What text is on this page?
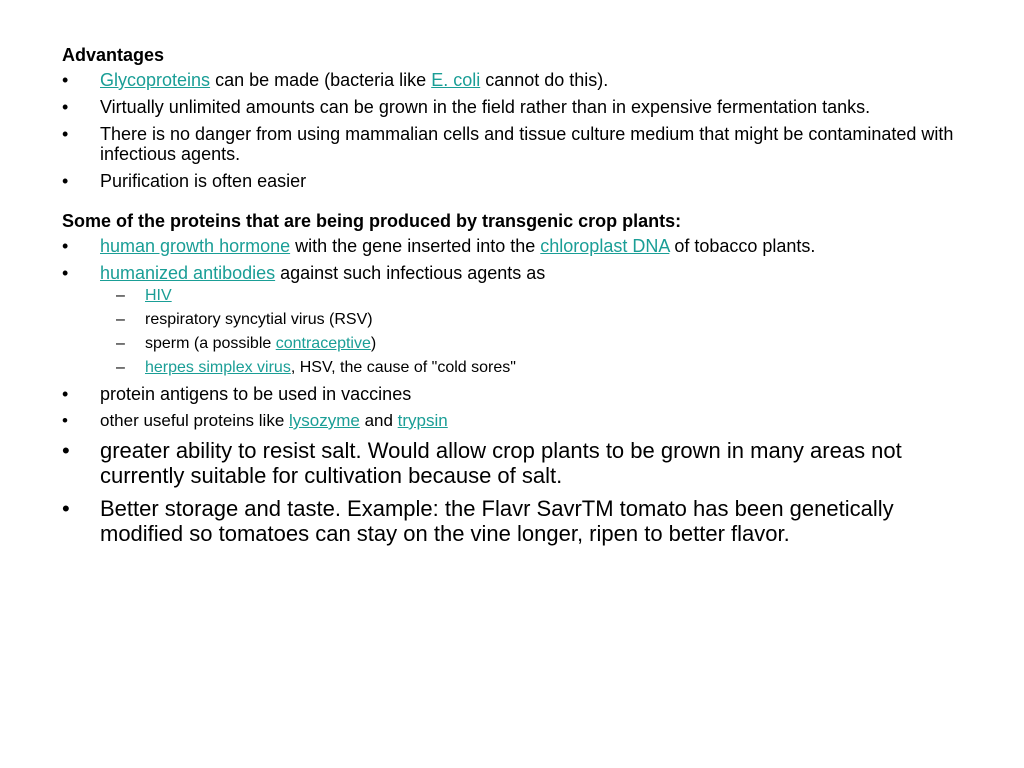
Advantages
• Glycoproteins can be made (bacteria like E. coli cannot do this).
• Virtually unlimited amounts can be grown in the field rather than in expensive fermentation tanks.
• There is no danger from using mammalian cells and tissue culture medium that might be contaminated with infectious agents.
• Purification is often easier
Some of the proteins that are being produced by transgenic crop plants:
• human growth hormone with the gene inserted into the chloroplast DNA of tobacco plants.
• humanized antibodies against such infectious agents as
– HIV
– respiratory syncytial virus (RSV)
– sperm (a possible contraceptive)
– herpes simplex virus, HSV, the cause of "cold sores"
• protein antigens to be used in vaccines
• other useful proteins like lysozyme and trypsin
• greater ability to resist salt. Would allow crop plants to be grown in many areas not currently suitable for cultivation because of salt.
• Better storage and taste. Example: the Flavr SavrTM tomato has been genetically modified so tomatoes can stay on the vine longer, ripen to better flavor.
